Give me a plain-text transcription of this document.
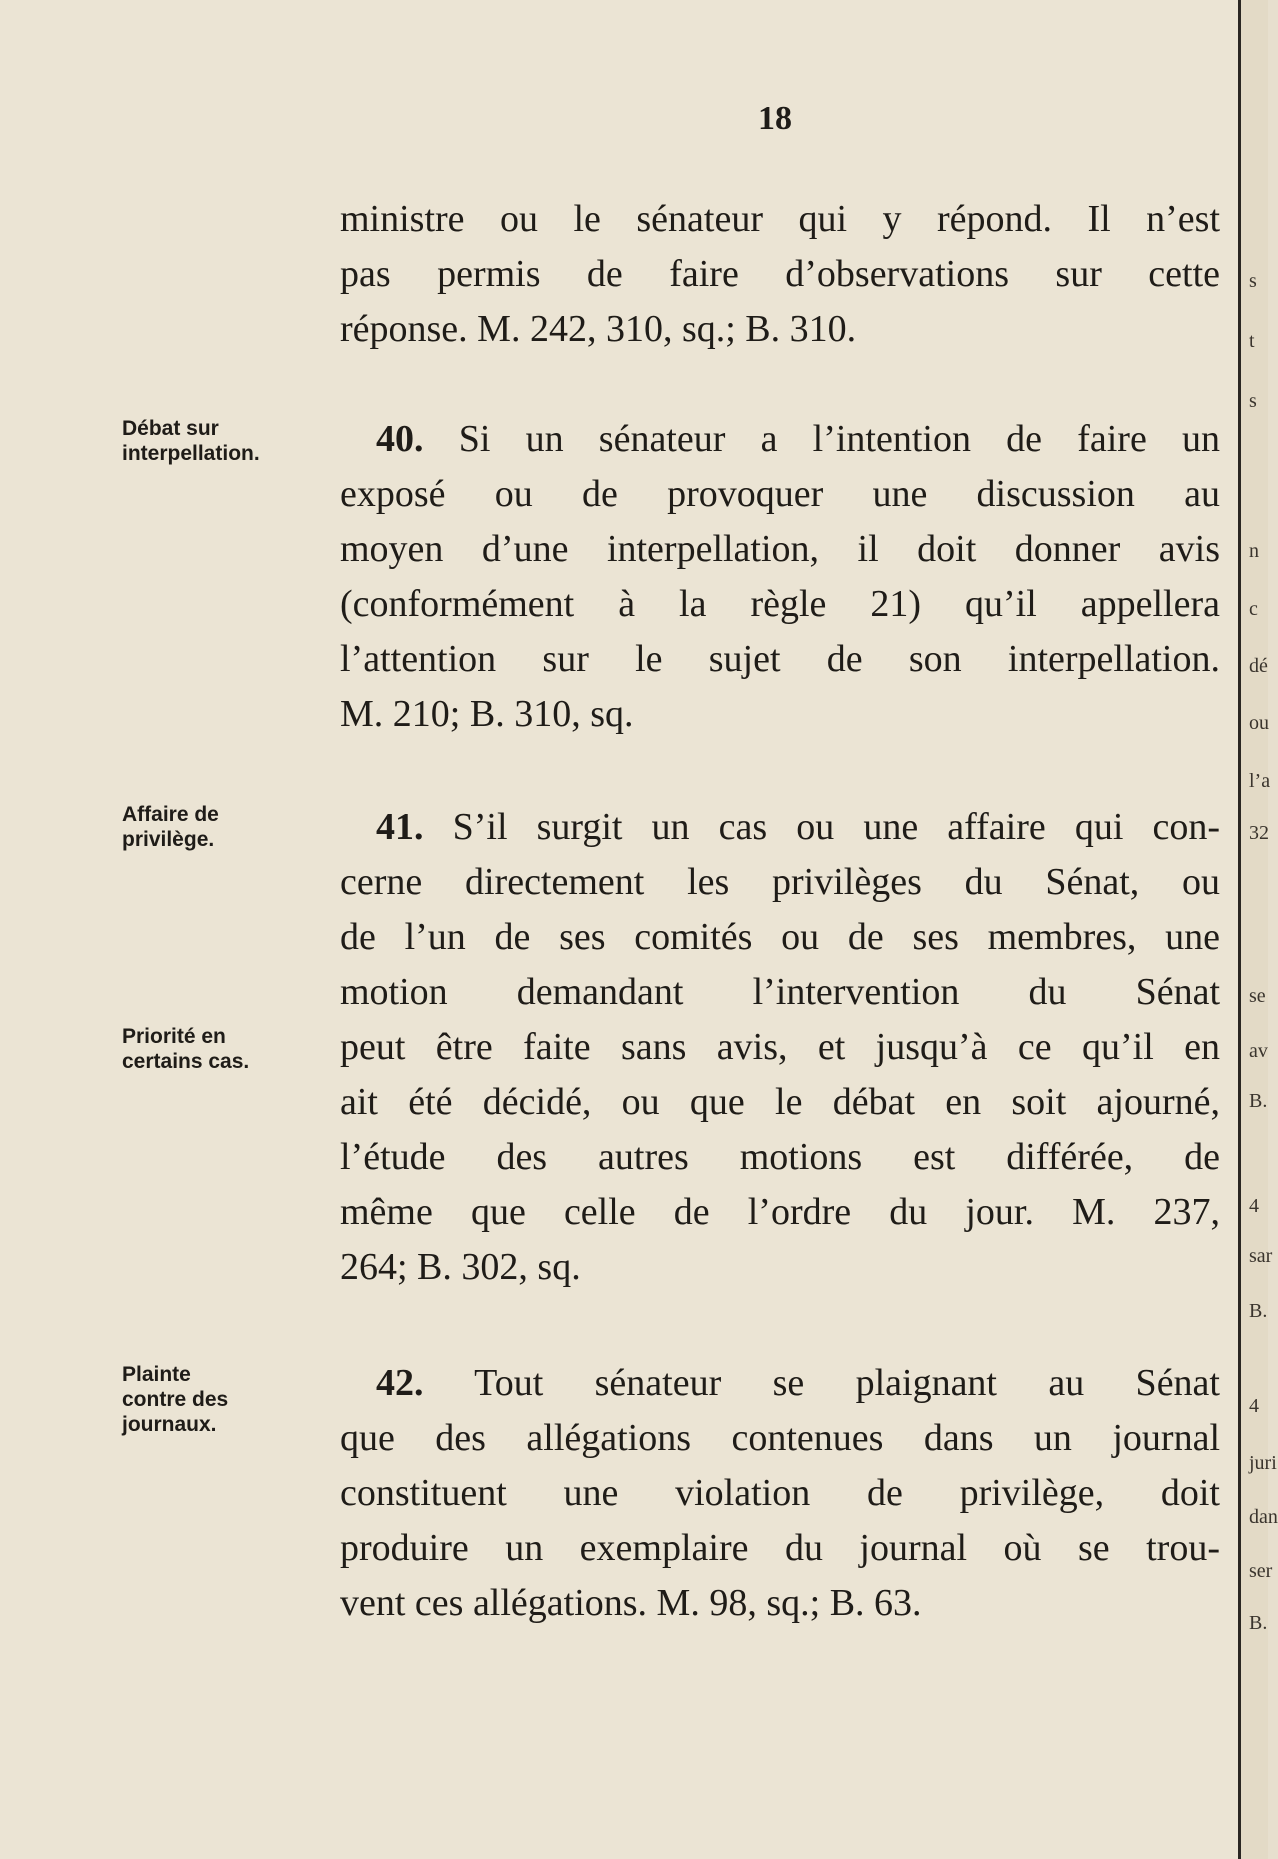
18
Débat sur
interpellation.
Affaire de
privilège.
Priorité en
certains cas.
Plainte
contre des
journaux.
ministre ou le sénateur qui y répond. Il n’est
pas permis de faire d’observations sur cette
réponse. M. 242, 310, sq.; B. 310.
40. Si un sénateur a l’intention de faire un
exposé ou de provoquer une discussion au
moyen d’une interpellation, il doit donner avis
(conformément à la règle 21) qu’il appellera
l’attention sur le sujet de son interpellation.
M. 210; B. 310, sq.
41. S’il surgit un cas ou une affaire qui con-
cerne directement les privilèges du Sénat, ou
de l’un de ses comités ou de ses membres, une
motion demandant l’intervention du Sénat
peut être faite sans avis, et jusqu’à ce qu’il en
ait été décidé, ou que le débat en soit ajourné,
l’étude des autres motions est différée, de
même que celle de l’ordre du jour. M. 237,
264; B. 302, sq.
42. Tout sénateur se plaignant au Sénat
que des allégations contenues dans un journal
constituent une violation de privilège, doit
produire un exemplaire du journal où se trou-
vent ces allégations. M. 98, sq.; B. 63.
s
t
s
n
c
dé
ou
l’a
32
se
av
B.
4
sar
B.
4
juri
dan
ser
B.
